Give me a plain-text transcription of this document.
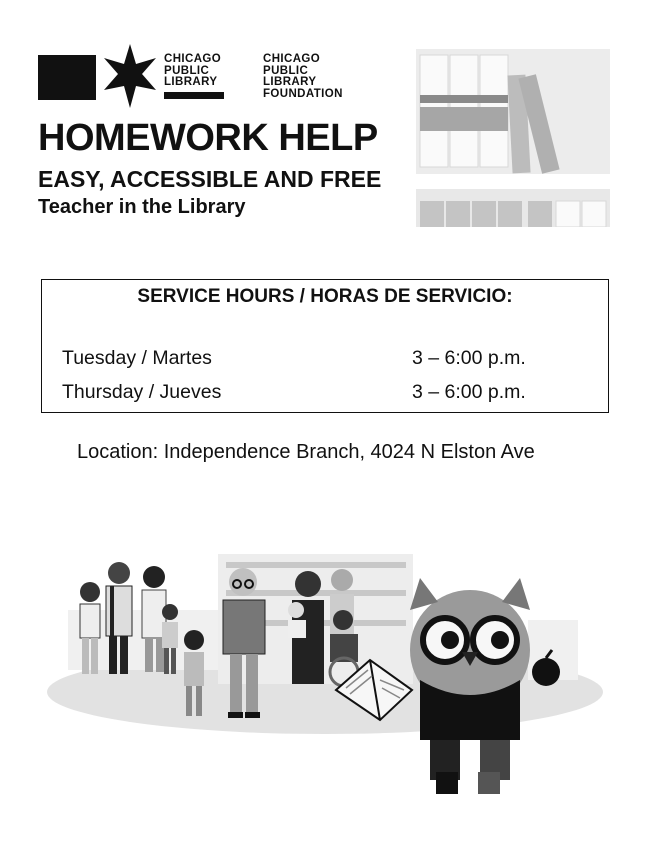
CHICAGO
PUBLIC
LIBRARY
CHICAGO
PUBLIC
LIBRARY
FOUNDATION
HOMEWORK HELP
EASY, ACCESSIBLE AND FREE
Teacher in the Library
SERVICE HOURS / HORAS DE SERVICIO:
Tuesday / Martes	3 – 6:00 p.m.
Thursday / Jueves	3 – 6:00 p.m.
Location: Independence Branch, 4024 N Elston Ave
